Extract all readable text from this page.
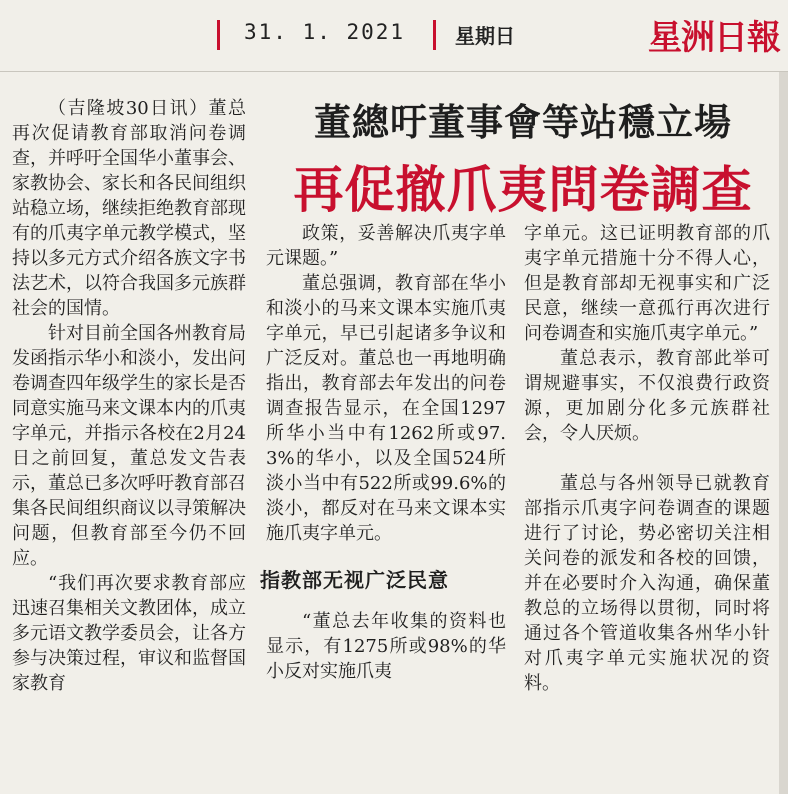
31. 1. 2021	星期日	星洲日報
董總吁董事會等站穩立場
再促撤爪夷問卷調查

（吉隆坡30日讯）董总再次促请教育部取消问卷调查，并呼吁全国华小董事会、家教协会、家长和各民间组织站稳立场，继续拒绝教育部现有的爪夷字单元教学模式，坚持以多元方式介绍各族文字书法艺术，以符合我国多元族群社会的国情。

针对目前全国各州教育局发函指示华小和淡小，发出问卷调查四年级学生的家长是否同意实施马来文课本内的爪夷字单元，并指示各校在2月24日之前回复，董总发文告表示，董总已多次呼吁教育部召集各民间组织商议以寻策解决问题，但教育部至今仍不回应。

“我们再次要求教育部应迅速召集相关文教团体，成立多元语文教学委员会，让各方参与决策过程，审议和监督国家教育

政策，妥善解决爪夷字单元课题。”

董总强调，教育部在华小和淡小的马来文课本实施爪夷字单元，早已引起诸多争议和广泛反对。董总也一再地明确指出，教育部去年发出的问卷调查报告显示，在全国1297所华小当中有1262所或97.3%的华小，以及全国524所淡小当中有522所或99.6%的淡小，都反对在马来文课本实施爪夷字单元。

指教部无视广泛民意

“董总去年收集的资料也显示，有1275所或98%的华小反对实施爪夷

字单元。这已证明教育部的爪夷字单元措施十分不得人心，但是教育部却无视事实和广泛民意，继续一意孤行再次进行问卷调查和实施爪夷字单元。”

董总表示，教育部此举可谓规避事实，不仅浪费行政资源，更加剧分化多元族群社会，令人厌烦。

董总与各州领导已就教育部指示爪夷字问卷调查的课题进行了讨论，势必密切关注相关问卷的派发和各校的回馈，并在必要时介入沟通，确保董教总的立场得以贯彻，同时将通过各个管道收集各州华小针对爪夷字单元实施状况的资料。
